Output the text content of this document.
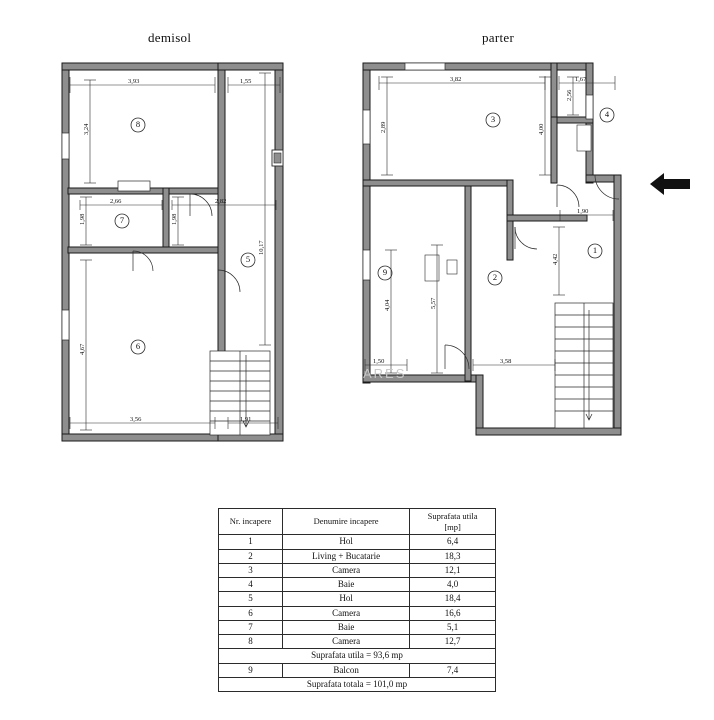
demisol	parter
8
7
6
5
3,93	1,55
3,24
1,98	1,98
4,67
2,66	2,82
10,17
3,56	1,91
3	4
1
2
9
3,82	1,67
2,89	4,00
2,56
1,90
4,42
4,04	5,57
1,50	3,58
ARES
Nr. incapere	Denumire incapere	Suprafata utila
[mp]
1	Hol	6,4
2	Living + Bucatarie	18,3
3	Camera	12,1
4	Baie	4,0
5	Hol	18,4
6	Camera	16,6
7	Baie	5,1
8	Camera	12,7
Suprafata utila = 93,6 mp		
9	Balcon	7,4
Suprafata totala = 101,0 mp		
